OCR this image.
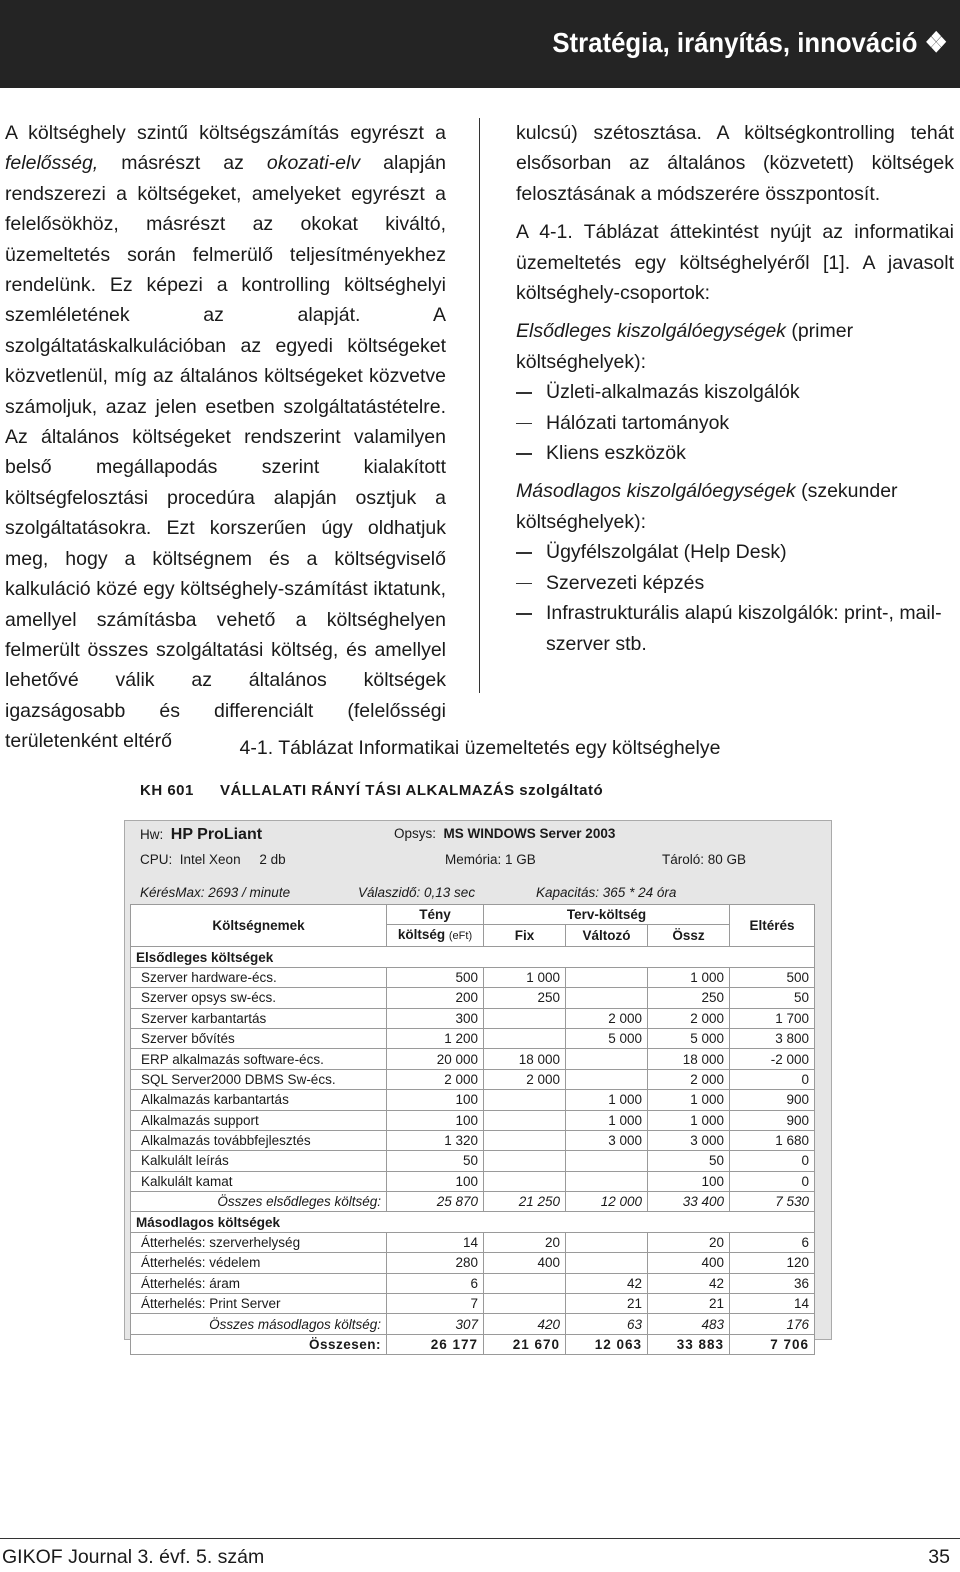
Stratégia, irányítás, innováció ❖

A költséghely szintű költségszámítás egyrészt a felelősség, másrészt az okozati-elv alapján rendszerezi a költségeket, amelyeket egyrészt a felelősökhöz, másrészt az okokat kiváltó, üzemeltetés során felmerülő teljesítményekhez rendelünk. Ez képezi a kontrolling költséghelyi szemléletének az alapját. A szolgáltatáskalkulációban az egyedi költségeket közvetlenül, míg az általános költségeket közvetve számoljuk, azaz jelen esetben szolgáltatástételre. Az általános költségeket rendszerint valamilyen belső megállapodás szerint kialakított költségfelosztási procedúra alapján osztjuk a szolgáltatásokra. Ezt korszerűen úgy oldhatjuk meg, hogy a költségnem és a költségviselő kalkuláció közé egy költséghely-számítást iktatunk, amellyel számításba vehető a költséghelyen felmerült összes szolgáltatási költség, és amellyel lehetővé válik az általános költségek igazságosabb és differenciált (felelősségi területenként eltérő

kulcsú) szétosztása. A költségkontrolling tehát elsősorban az általános (közvetett) költségek felosztásának a módszerére összpontosít.

A 4-1. Táblázat áttekintést nyújt az informatikai üzemeltetés egy költséghelyéről [1]. A javasolt költséghely-csoportok:

Elsődleges kiszolgálóegységek (primer költséghelyek):

Üzleti-alkalmazás kiszolgálók
Hálózati tartományok
Kliens eszközök

Másodlagos kiszolgálóegységek (szekunder költséghelyek):

Ügyfélszolgálat (Help Desk)
Szervezeti képzés
Infrastrukturális alapú kiszolgálók: print-, mail-szerver stb.
4-1. Táblázat Informatikai üzemeltetés egy költséghelye
KH 601 VÁLLALATI RÁNYÍ TÁSI ALKALMAZÁS szolgáltató
Hw: HP ProLiant	Opsys: MS WINDOWS Server 2003
CPU: Intel Xeon 2 db	Memória: 1 GB	Tároló: 80 GB
KérésMax: 2693 / minute	Válaszidő: 0,13 sec	Kapacitás: 365 * 24 óra
Költségnemek	Tény	Terv-költség			Eltérés
	költség (eFt)	Fix	Változó	Össz	
Elsődleges költségek					
Szerver hardware-écs.	500	1 000		1 000	500
Szerver opsys sw-écs.	200	250		250	50
Szerver karbantartás	300		2 000	2 000	1 700
Szerver bővítés	1 200		5 000	5 000	3 800
ERP alkalmazás software-écs.	20 000	18 000		18 000	-2 000
SQL Server2000 DBMS Sw-écs.	2 000	2 000		2 000	0
Alkalmazás karbantartás	100		1 000	1 000	900
Alkalmazás support	100		1 000	1 000	900
Alkalmazás továbbfejlesztés	1 320		3 000	3 000	1 680
Kalkulált leírás	50			50	0
Kalkulált kamat	100			100	0
Összes elsődleges költség:	25 870	21 250	12 000	33 400	7 530
Másodlagos költségek					
Átterhelés: szerverhelység	14	20		20	6
Átterhelés: védelem	280	400		400	120
Átterhelés: áram	6		42	42	36
Átterhelés: Print Server	7		21	21	14
Összes másodlagos költség:	307	420	63	483	176
Összesen:	26 177	21 670	12 063	33 883	7 706
GIKOF Journal 3. évf. 5. szám	35
